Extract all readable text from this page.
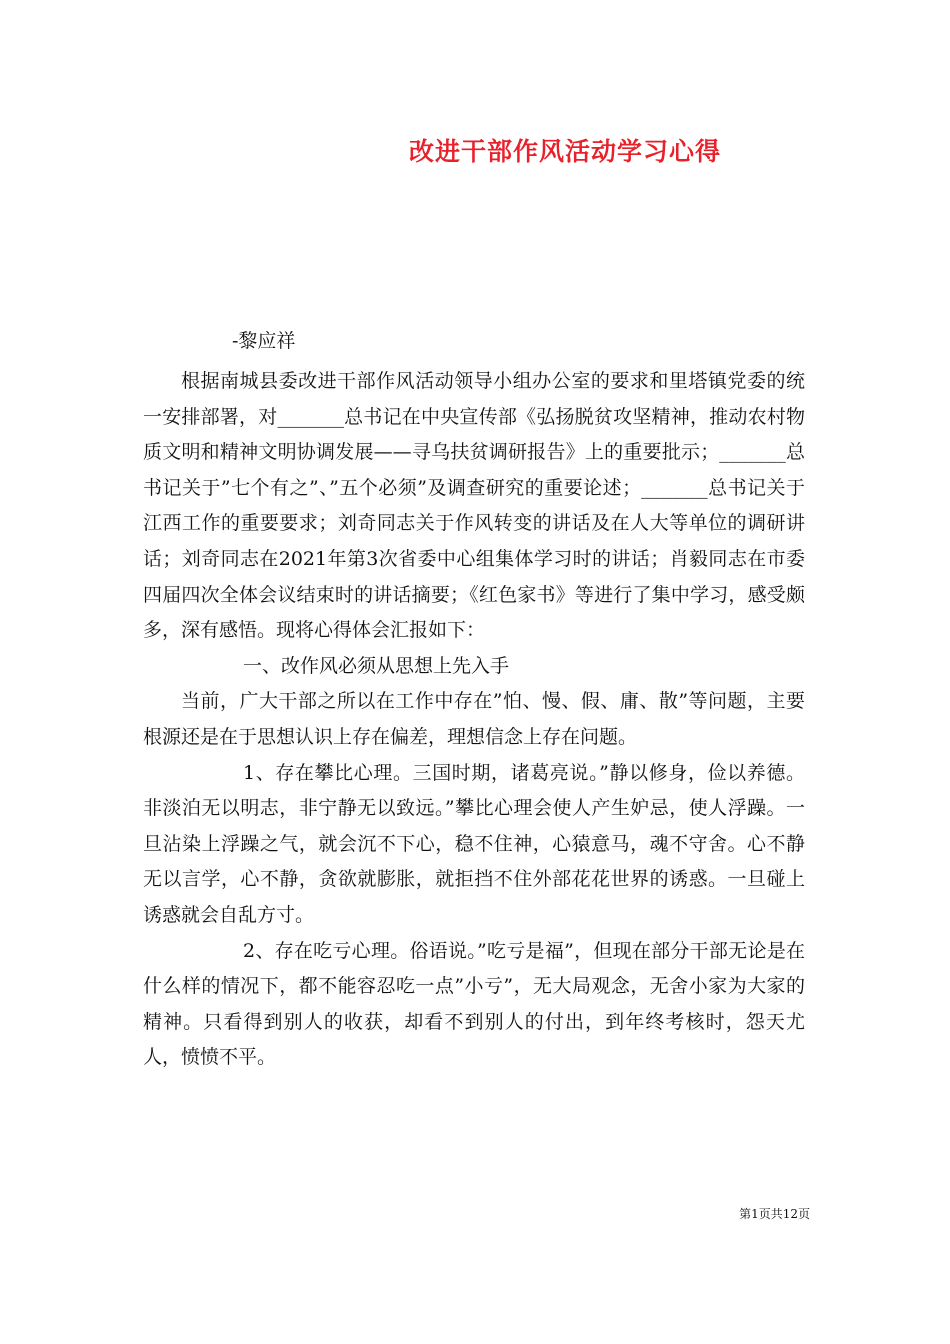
改进干部作风活动学习心得
-黎应祥

根据南城县委改进干部作风活动领导小组办公室的要求和里塔镇党委的统一安排部署，对_______总书记在中央宣传部《弘扬脱贫攻坚精神，推动农村物质文明和精神文明协调发展——寻乌扶贫调研报告》上的重要批示；_______总书记关于”七个有之”、”五个必须”及调查研究的重要论述；_______总书记关于江西工作的重要要求；刘奇同志关于作风转变的讲话及在人大等单位的调研讲话；刘奇同志在2021年第3次省委中心组集体学习时的讲话；肖毅同志在市委四届四次全体会议结束时的讲话摘要；《红色家书》等进行了集中学习，感受颇多，深有感悟。现将心得体会汇报如下：

一、改作风必须从思想上先入手

当前，广大干部之所以在工作中存在”怕、慢、假、庸、散”等问题，主要根源还是在于思想认识上存在偏差，理想信念上存在问题。

1、存在攀比心理。三国时期，诸葛亮说。”静以修身，俭以养德。非淡泊无以明志，非宁静无以致远。”攀比心理会使人产生妒忌，使人浮躁。一旦沾染上浮躁之气，就会沉不下心，稳不住神，心猿意马，魂不守舍。心不静无以言学，心不静，贪欲就膨胀，就拒挡不住外部花花世界的诱惑。一旦碰上诱惑就会自乱方寸。

2、存在吃亏心理。俗语说。”吃亏是福”，但现在部分干部无论是在什么样的情况下，都不能容忍吃一点”小亏”，无大局观念，无舍小家为大家的精神。只看得到别人的收获，却看不到别人的付出，到年终考核时，怨天尤人，愤愤不平。

第1页共12页
